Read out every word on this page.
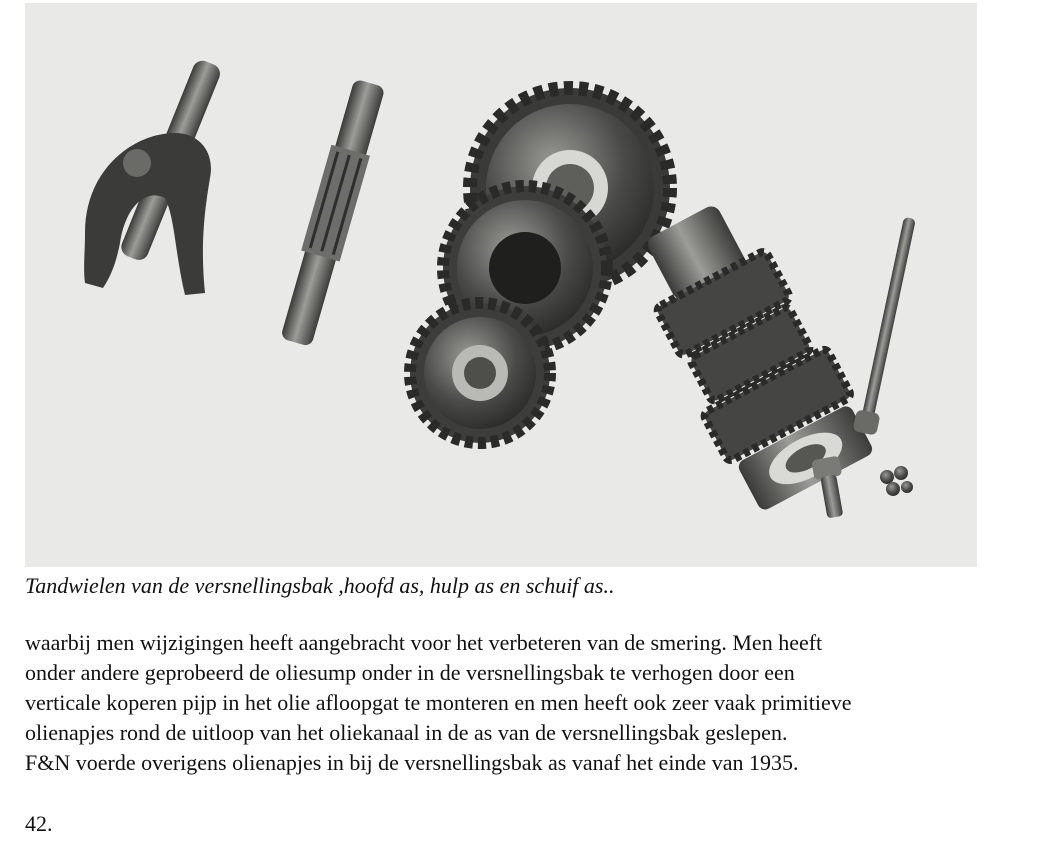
Tandwielen van de versnellingsbak ,hoofd as, hulp as en schuif as..
waarbij men wijzigingen heeft aangebracht voor het verbeteren van de smering. Men heeft
onder andere geprobeerd de oliesump onder in de versnellingsbak te verhogen door een
verticale koperen pijp in het olie afloopgat te monteren en men heeft ook zeer vaak primitieve
olienapjes rond de uitloop van het oliekanaal in de as van de versnellingsbak geslepen.
F&N voerde overigens olienapjes in bij de versnellingsbak as vanaf het einde van 1935.
42.
